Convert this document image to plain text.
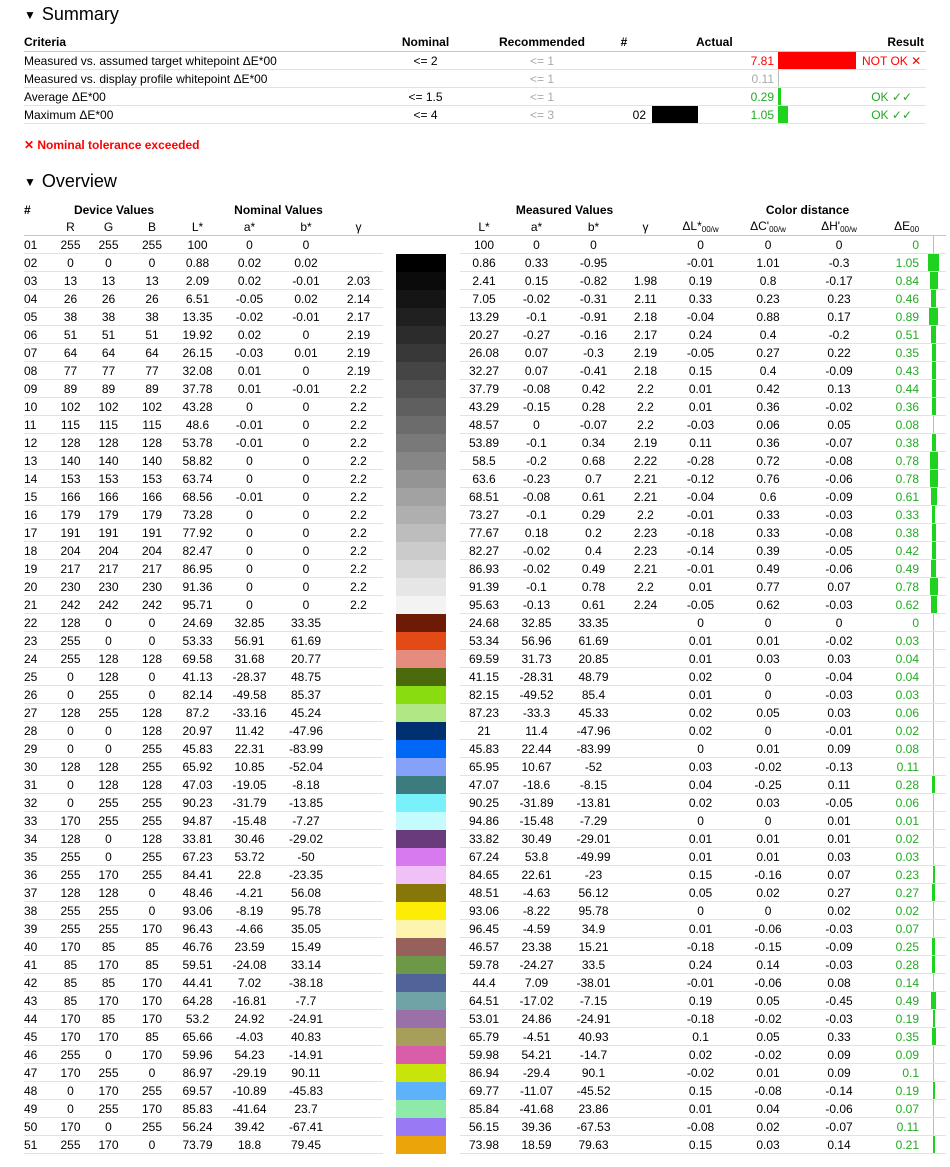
▼ Summary
Criteria	Nominal	Recommended	#	Actual			Result
Measured vs. assumed target whitepoint ΔE*00	<= 2	<= 1			7.81		NOT OK ✕
Measured vs. display profile whitepoint ΔE*00		<= 1			0.11		
Average ΔE*00	<= 1.5	<= 1			0.29		OK ✓✓
Maximum ΔE*00	<= 4	<= 3	02		1.05		OK ✓✓
✕ Nominal tolerance exceeded
▼ Overview
#	Device Values			Nominal Values							Measured Values				Color distance				
	R	G	B	L*	a*	b*	γ				L*	a*	b*	γ	$\Delta L*_{00/w}$	$\Delta C'_{00/w}$	$\Delta H'_{00/w}$	$\Delta E_{00}$	
01	255	255	255	100	0	0					100	0	0		0	0	0	0	
02	0	0	0	0.88	0.02	0.02					0.86	0.33	-0.95		-0.01	1.01	-0.3	1.05	
03	13	13	13	2.09	0.02	-0.01	2.03				2.41	0.15	-0.82	1.98	0.19	0.8	-0.17	0.84	
04	26	26	26	6.51	-0.05	0.02	2.14				7.05	-0.02	-0.31	2.11	0.33	0.23	0.23	0.46	
05	38	38	38	13.35	-0.02	-0.01	2.17				13.29	-0.1	-0.91	2.18	-0.04	0.88	0.17	0.89	
06	51	51	51	19.92	0.02	0	2.19				20.27	-0.27	-0.16	2.17	0.24	0.4	-0.2	0.51	
07	64	64	64	26.15	-0.03	0.01	2.19				26.08	0.07	-0.3	2.19	-0.05	0.27	0.22	0.35	
08	77	77	77	32.08	0.01	0	2.19				32.27	0.07	-0.41	2.18	0.15	0.4	-0.09	0.43	
09	89	89	89	37.78	0.01	-0.01	2.2				37.79	-0.08	0.42	2.2	0.01	0.42	0.13	0.44	
10	102	102	102	43.28	0	0	2.2				43.29	-0.15	0.28	2.2	0.01	0.36	-0.02	0.36	
11	115	115	115	48.6	-0.01	0	2.2				48.57	0	-0.07	2.2	-0.03	0.06	0.05	0.08	
12	128	128	128	53.78	-0.01	0	2.2				53.89	-0.1	0.34	2.19	0.11	0.36	-0.07	0.38	
13	140	140	140	58.82	0	0	2.2				58.5	-0.2	0.68	2.22	-0.28	0.72	-0.08	0.78	
14	153	153	153	63.74	0	0	2.2				63.6	-0.23	0.7	2.21	-0.12	0.76	-0.06	0.78	
15	166	166	166	68.56	-0.01	0	2.2				68.51	-0.08	0.61	2.21	-0.04	0.6	-0.09	0.61	
16	179	179	179	73.28	0	0	2.2				73.27	-0.1	0.29	2.2	-0.01	0.33	-0.03	0.33	
17	191	191	191	77.92	0	0	2.2				77.67	0.18	0.2	2.23	-0.18	0.33	-0.08	0.38	
18	204	204	204	82.47	0	0	2.2				82.27	-0.02	0.4	2.23	-0.14	0.39	-0.05	0.42	
19	217	217	217	86.95	0	0	2.2				86.93	-0.02	0.49	2.21	-0.01	0.49	-0.06	0.49	
20	230	230	230	91.36	0	0	2.2				91.39	-0.1	0.78	2.2	0.01	0.77	0.07	0.78	
21	242	242	242	95.71	0	0	2.2				95.63	-0.13	0.61	2.24	-0.05	0.62	-0.03	0.62	
22	128	0	0	24.69	32.85	33.35					24.68	32.85	33.35		0	0	0	0	
23	255	0	0	53.33	56.91	61.69					53.34	56.96	61.69		0.01	0.01	-0.02	0.03	
24	255	128	128	69.58	31.68	20.77					69.59	31.73	20.85		0.01	0.03	0.03	0.04	
25	0	128	0	41.13	-28.37	48.75					41.15	-28.31	48.79		0.02	0	-0.04	0.04	
26	0	255	0	82.14	-49.58	85.37					82.15	-49.52	85.4		0.01	0	-0.03	0.03	
27	128	255	128	87.2	-33.16	45.24					87.23	-33.3	45.33		0.02	0.05	0.03	0.06	
28	0	0	128	20.97	11.42	-47.96					21	11.4	-47.96		0.02	0	-0.01	0.02	
29	0	0	255	45.83	22.31	-83.99					45.83	22.44	-83.99		0	0.01	0.09	0.08	
30	128	128	255	65.92	10.85	-52.04					65.95	10.67	-52		0.03	-0.02	-0.13	0.11	
31	0	128	128	47.03	-19.05	-8.18					47.07	-18.6	-8.15		0.04	-0.25	0.11	0.28	
32	0	255	255	90.23	-31.79	-13.85					90.25	-31.89	-13.81		0.02	0.03	-0.05	0.06	
33	170	255	255	94.87	-15.48	-7.27					94.86	-15.48	-7.29		0	0	0.01	0.01	
34	128	0	128	33.81	30.46	-29.02					33.82	30.49	-29.01		0.01	0.01	0.01	0.02	
35	255	0	255	67.23	53.72	-50					67.24	53.8	-49.99		0.01	0.01	0.03	0.03	
36	255	170	255	84.41	22.8	-23.35					84.65	22.61	-23		0.15	-0.16	0.07	0.23	
37	128	128	0	48.46	-4.21	56.08					48.51	-4.63	56.12		0.05	0.02	0.27	0.27	
38	255	255	0	93.06	-8.19	95.78					93.06	-8.22	95.78		0	0	0.02	0.02	
39	255	255	170	96.43	-4.66	35.05					96.45	-4.59	34.9		0.01	-0.06	-0.03	0.07	
40	170	85	85	46.76	23.59	15.49					46.57	23.38	15.21		-0.18	-0.15	-0.09	0.25	
41	85	170	85	59.51	-24.08	33.14					59.78	-24.27	33.5		0.24	0.14	-0.03	0.28	
42	85	85	170	44.41	7.02	-38.18					44.4	7.09	-38.01		-0.01	-0.06	0.08	0.14	
43	85	170	170	64.28	-16.81	-7.7					64.51	-17.02	-7.15		0.19	0.05	-0.45	0.49	
44	170	85	170	53.2	24.92	-24.91					53.01	24.86	-24.91		-0.18	-0.02	-0.03	0.19	
45	170	170	85	65.66	-4.03	40.83					65.79	-4.51	40.93		0.1	0.05	0.33	0.35	
46	255	0	170	59.96	54.23	-14.91					59.98	54.21	-14.7		0.02	-0.02	0.09	0.09	
47	170	255	0	86.97	-29.19	90.11					86.94	-29.4	90.1		-0.02	0.01	0.09	0.1	
48	0	170	255	69.57	-10.89	-45.83					69.77	-11.07	-45.52		0.15	-0.08	-0.14	0.19	
49	0	255	170	85.83	-41.64	23.7					85.84	-41.68	23.86		0.01	0.04	-0.06	0.07	
50	170	0	255	56.24	39.42	-67.41					56.15	39.36	-67.53		-0.08	0.02	-0.07	0.11	
51	255	170	0	73.79	18.8	79.45					73.98	18.59	79.63		0.15	0.03	0.14	0.21	
